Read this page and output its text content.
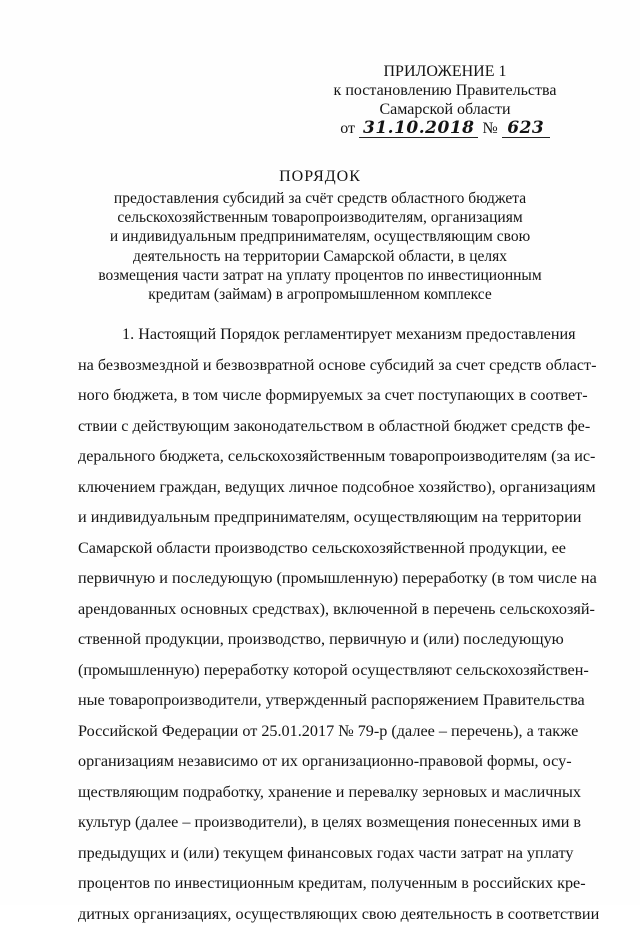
ПРИЛОЖЕНИЕ 1
к постановлению Правительства
Самарской области
от 31.10.2018 № 623
ПОРЯДОК
предоставления субсидий за счёт средств областного бюджета
сельскохозяйственным товаропроизводителям, организациям
и индивидуальным предпринимателям, осуществляющим свою
деятельность на территории Самарской области, в целях
возмещения части затрат на уплату процентов по инвестиционным
кредитам (займам) в агропромышленном комплексе
1. Настоящий Порядок регламентирует механизм предоставления
на безвозмездной и безвозвратной основе субсидий за счет средств област-
ного бюджета, в том числе формируемых за счет поступающих в соответ-
ствии с действующим законодательством в областной бюджет средств фе-
дерального бюджета, сельскохозяйственным товаропроизводителям (за ис-
ключением граждан, ведущих личное подсобное хозяйство), организациям
и индивидуальным предпринимателям, осуществляющим на территории
Самарской области производство сельскохозяйственной продукции, ее
первичную и последующую (промышленную) переработку (в том числе на
арендованных основных средствах), включенной в перечень сельскохозяй-
ственной продукции, производство, первичную и (или) последующую
(промышленную) переработку которой осуществляют сельскохозяйствен-
ные товаропроизводители, утвержденный распоряжением Правительства
Российской Федерации от 25.01.2017 № 79-р (далее – перечень), а также
организациям независимо от их организационно-правовой формы, осу-
ществляющим подработку, хранение и перевалку зерновых и масличных
культур (далее – производители), в целях возмещения понесенных ими в
предыдущих и (или) текущем финансовых годах части затрат на уплату
процентов по инвестиционным кредитам, полученным в российских кре-
дитных организациях, осуществляющих свою деятельность в соответствии
